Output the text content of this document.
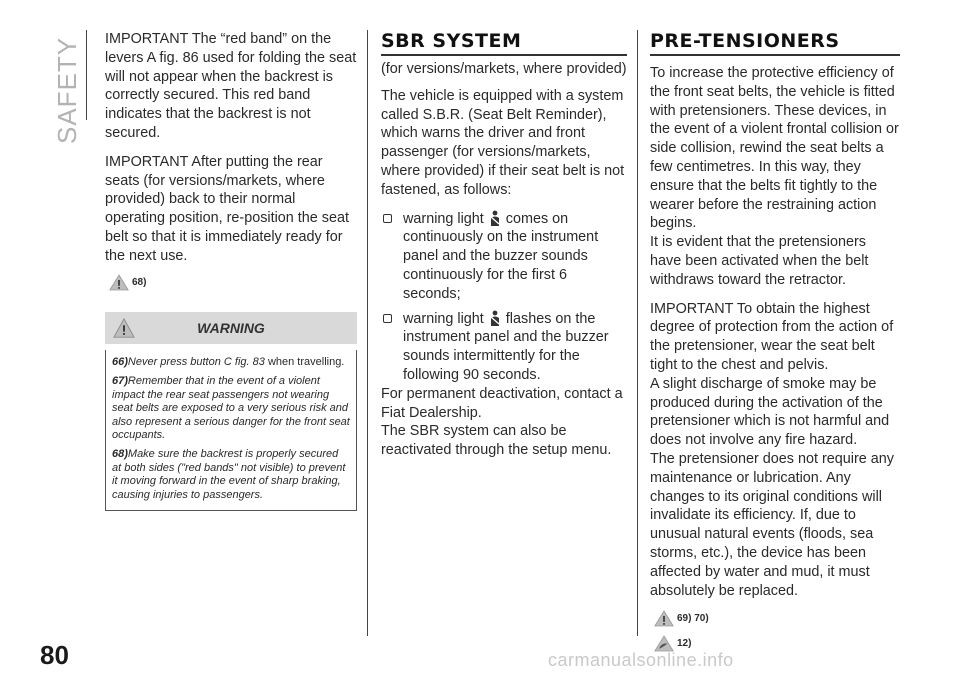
SAFETY
80

IMPORTANT The “red band” on the levers A fig. 86 used for folding the seat will not appear when the backrest is correctly secured. This red band indicates that the backrest is not secured.

IMPORTANT After putting the rear seats (for versions/markets, where provided) back to their normal operating position, re-position the seat belt so that it is immediately ready for the next use.

68)
WARNING

66)Never press button C fig. 83 when travelling.

67)Remember that in the event of a violent impact the rear seat passengers not wearing seat belts are exposed to a very serious risk and also represent a serious danger for the front seat occupants.

68)Make sure the backrest is properly secured at both sides ("red bands" not visible) to prevent it moving forward in the event of sharp braking, causing injuries to passengers.

SBR SYSTEM

(for versions/markets, where provided)

The vehicle is equipped with a system called S.B.R. (Seat Belt Reminder), which warns the driver and front passenger (for versions/markets, where provided) if their seat belt is not fastened, as follows:

warning light comes on continuously on the instrument panel and the buzzer sounds continuously for the first 6 seconds;

warning light flashes on the instrument panel and the buzzer sounds intermittently for the following 90 seconds.

For permanent deactivation, contact a Fiat Dealership.

The SBR system can also be reactivated through the setup menu.

PRE-TENSIONERS

To increase the protective efficiency of the front seat belts, the vehicle is fitted with pretensioners. These devices, in the event of a violent frontal collision or side collision, rewind the seat belts a few centimetres. In this way, they ensure that the belts fit tightly to the wearer before the restraining action begins.

It is evident that the pretensioners have been activated when the belt withdraws toward the retractor.

IMPORTANT To obtain the highest degree of protection from the action of the pretensioner, wear the seat belt tight to the chest and pelvis.

A slight discharge of smoke may be produced during the activation of the pretensioner which is not harmful and does not involve any fire hazard.

The pretensioner does not require any maintenance or lubrication. Any changes to its original conditions will invalidate its efficiency. If, due to unusual natural events (floods, sea storms, etc.), the device has been affected by water and mud, it must absolutely be replaced.

69) 70)
12)
carmanualsonline.info
